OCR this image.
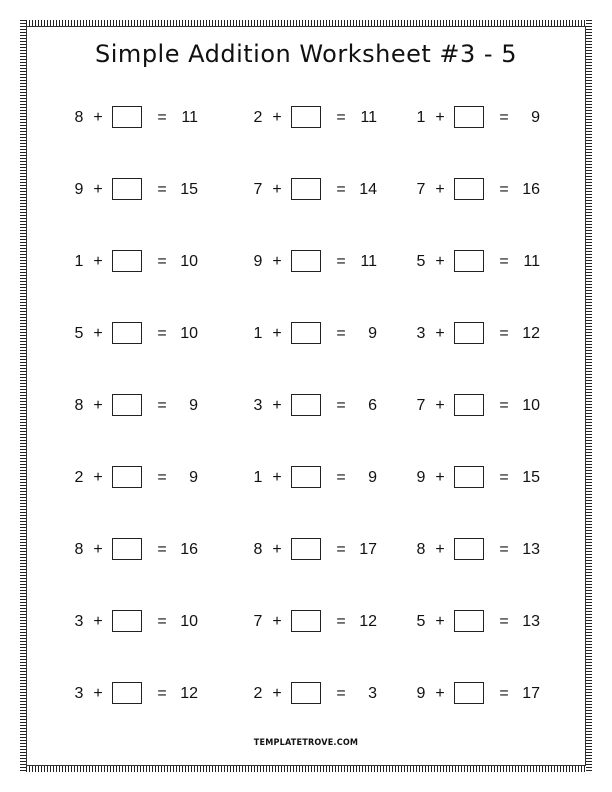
Simple Addition Worksheet #3 - 5
8 +	= 11	2 +	= 11 1 +	=	9
9 +	= 15	7 +	= 14 7 +	= 16
1 +	= 10	9 +	= 11 5 +	= 11
5 +	= 10	1 +	=	9 3 +	= 12
8 +	=	9	3 +	=	6 7 +	= 10
2 +	=	9	1 +	=	9 9 +	= 15
8 +	= 16	8 +	= 17 8 +	= 13
3 +	= 10	7 +	= 12 5 +	= 13
3 +	= 12	2 +	=	3 9 +	= 17
TEMPLATETROVE.COM
